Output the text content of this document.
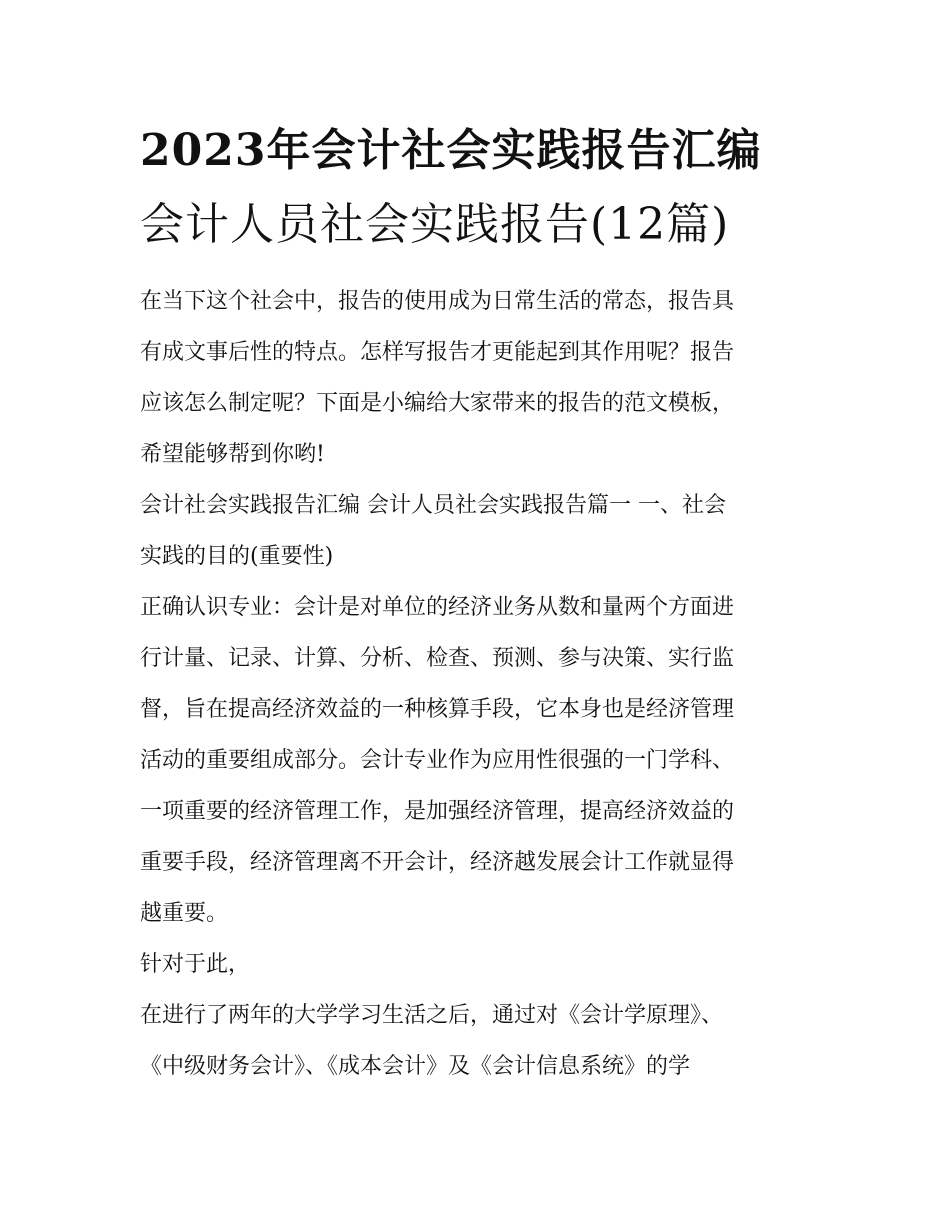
2023年会计社会实践报告汇编
会计人员社会实践报告(12篇)

在当下这个社会中，报告的使用成为日常生活的常态，报告具
有成文事后性的特点。怎样写报告才更能起到其作用呢？报告
应该怎么制定呢？下面是小编给大家带来的报告的范文模板，
希望能够帮到你哟!

会计社会实践报告汇编 会计人员社会实践报告篇一 一、社会
实践的目的(重要性)

正确认识专业：会计是对单位的经济业务从数和量两个方面进
行计量、记录、计算、分析、检查、预测、参与决策、实行监
督，旨在提高经济效益的一种核算手段，它本身也是经济管理
活动的重要组成部分。会计专业作为应用性很强的一门学科、
一项重要的经济管理工作，是加强经济管理，提高经济效益的
重要手段，经济管理离不开会计，经济越发展会计工作就显得
越重要。

针对于此，

在进行了两年的大学学习生活之后，通过对《会计学原理》、
《中级财务会计》、《成本会计》及《会计信息系统》的学
